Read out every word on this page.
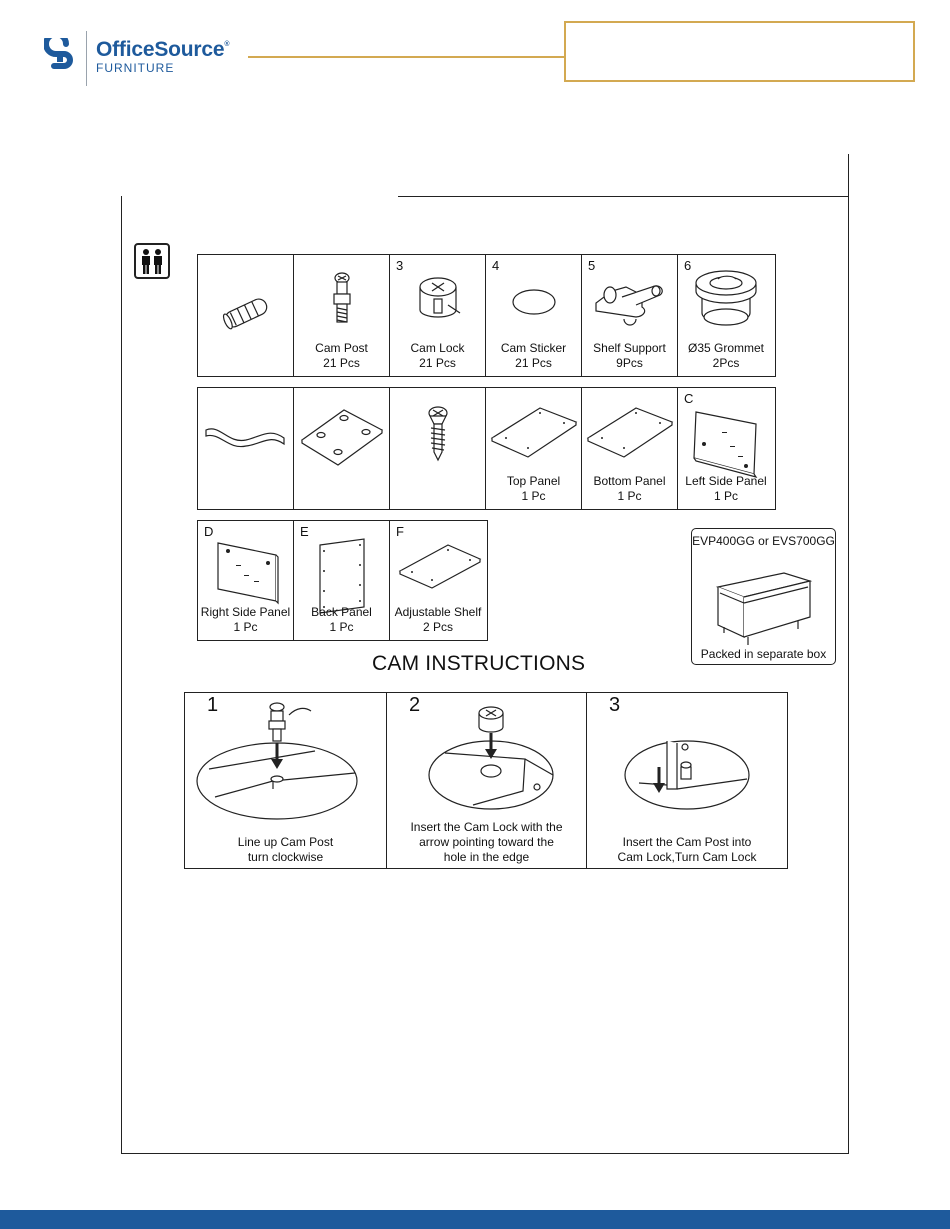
OfficeSource®
FURNITURE
Cam Post
21 Pcs
3
Cam Lock
21 Pcs
4
Cam Sticker
21 Pcs
5
Shelf Support
9Pcs
6
Ø35 Grommet
2Pcs
Top Panel
1 Pc
Bottom Panel
1 Pc
C
Left Side Panel
1 Pc
D
Right Side Panel
1 Pc
E
Back Panel
1 Pc
F
Adjustable Shelf
2 Pcs
EVP400GG or EVS700GG
Packed in separate box
CAM INSTRUCTIONS
1
Line up Cam Post
turn clockwise
2
Insert the Cam Lock with the
arrow pointing toward the
hole in the edge
3
Insert the Cam Post into
Cam Lock,Turn Cam Lock
